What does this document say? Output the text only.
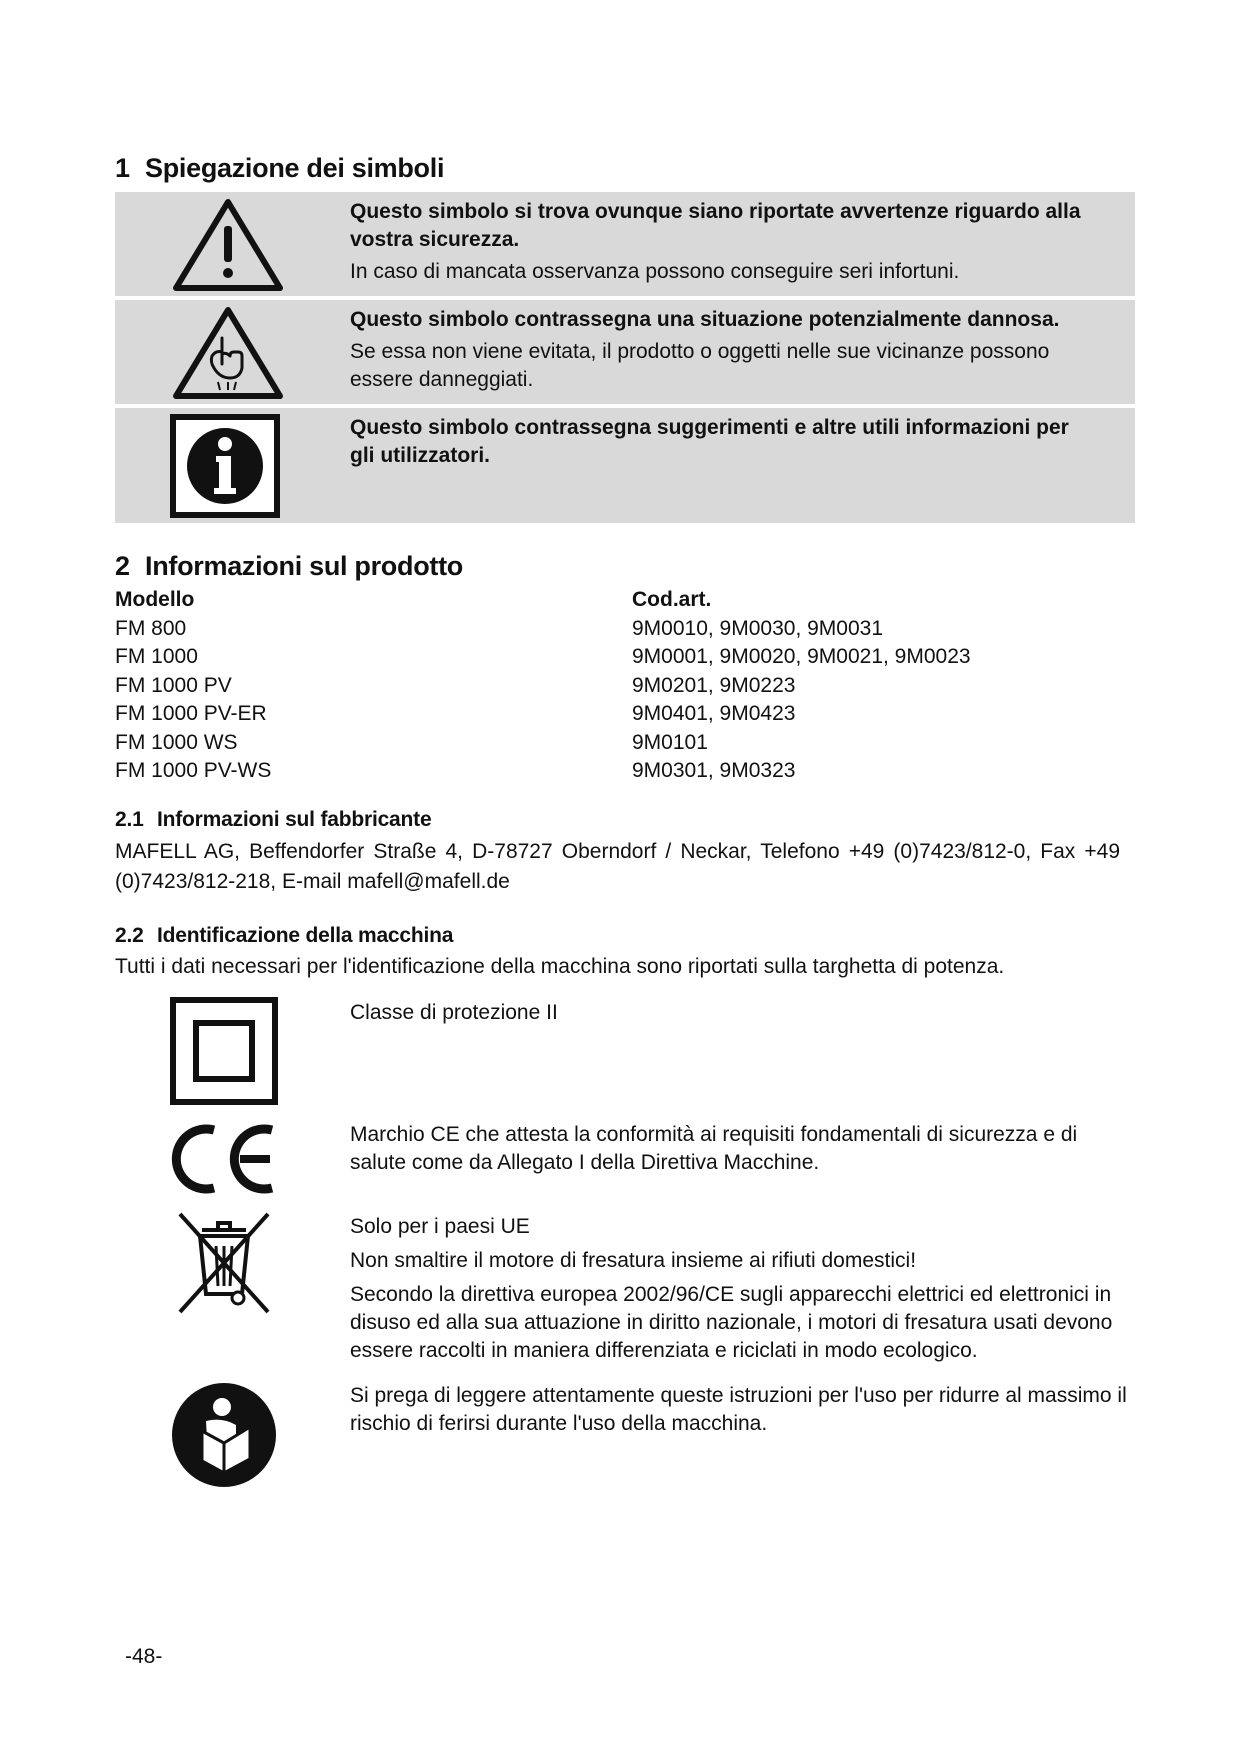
1 Spiegazione dei simboli
Questo simbolo si trova ovunque siano riportate avvertenze riguardo alla vostra sicurezza.
In caso di mancata osservanza possono conseguire seri infortuni.
Questo simbolo contrassegna una situazione potenzialmente dannosa.
Se essa non viene evitata, il prodotto o oggetti nelle sue vicinanze possono essere danneggiati.
Questo simbolo contrassegna suggerimenti e altre utili informazioni per gli utilizzatori.
2 Informazioni sul prodotto
Modello	Cod.art.
FM 800	9M0010, 9M0030, 9M0031
FM 1000	9M0001, 9M0020, 9M0021, 9M0023
FM 1000 PV	9M0201, 9M0223
FM 1000 PV-ER	9M0401, 9M0423
FM 1000 WS	9M0101
FM 1000 PV-WS	9M0301, 9M0323
2.1 Informazioni sul fabbricante
MAFELL AG, Beffendorfer Straße 4, D-78727 Oberndorf / Neckar, Telefono +49 (0)7423/812-0, Fax +49 (0)7423/812-218, E-mail mafell@mafell.de
2.2 Identificazione della macchina
Tutti i dati necessari per l'identificazione della macchina sono riportati sulla targhetta di potenza.

Classe di protezione II

Marchio CE che attesta la conformità ai requisiti fondamentali di sicurezza e di salute come da Allegato I della Direttiva Macchine.

Solo per i paesi UE

Non smaltire il motore di fresatura insieme ai rifiuti domestici!

Secondo la direttiva europea 2002/96/CE sugli apparecchi elettrici ed elettronici in disuso ed alla sua attuazione in diritto nazionale, i motori di fresatura usati devono essere raccolti in maniera differenziata e riciclati in modo ecologico.

Si prega di leggere attentamente queste istruzioni per l'uso per ridurre al massimo il rischio di ferirsi durante l'uso della macchina.

-48-
